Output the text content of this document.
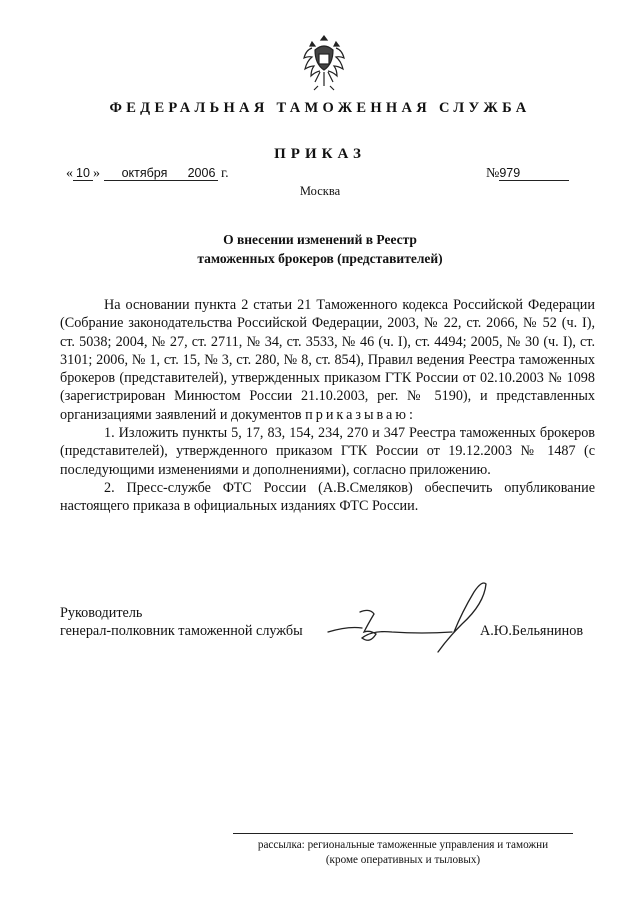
ФЕДЕРАЛЬНАЯ ТАМОЖЕННАЯ СЛУЖБА
ПРИКАЗ
« 10 » октября 2006 г.	№979
Москва
О внесении изменений в Реестр
таможенных брокеров (представителей)

На основании пункта 2 статьи 21 Таможенного кодекса Российской Федерации (Собрание законодательства Российской Федерации, 2003, № 22, ст. 2066, № 52 (ч. I), ст. 5038; 2004, № 27, ст. 2711, № 34, ст. 3533, № 46 (ч. I), ст. 4494; 2005, № 30 (ч. I), ст. 3101; 2006, № 1, ст. 15, № 3, ст. 280, № 8, ст. 854), Правил ведения Реестра таможенных брокеров (представителей), утвержденных приказом ГТК России от 02.10.2003 № 1098 (зарегистрирован Минюстом России 21.10.2003, рег. № 5190), и представленных организациями заявлений и документов приказываю:

1. Изложить пункты 5, 17, 83, 154, 234, 270 и 347 Реестра таможенных брокеров (представителей), утвержденного приказом ГТК России от 19.12.2003 № 1487 (с последующими изменениями и дополнениями), согласно приложению.

2. Пресс-службе ФТС России (А.В.Смеляков) обеспечить опубликование настоящего приказа в официальных изданиях ФТС России.

Руководитель
генерал-полковник таможенной службы	А.Ю.Бельянинов
рассылка: региональные таможенные управления и таможни
(кроме оперативных и тыловых)
